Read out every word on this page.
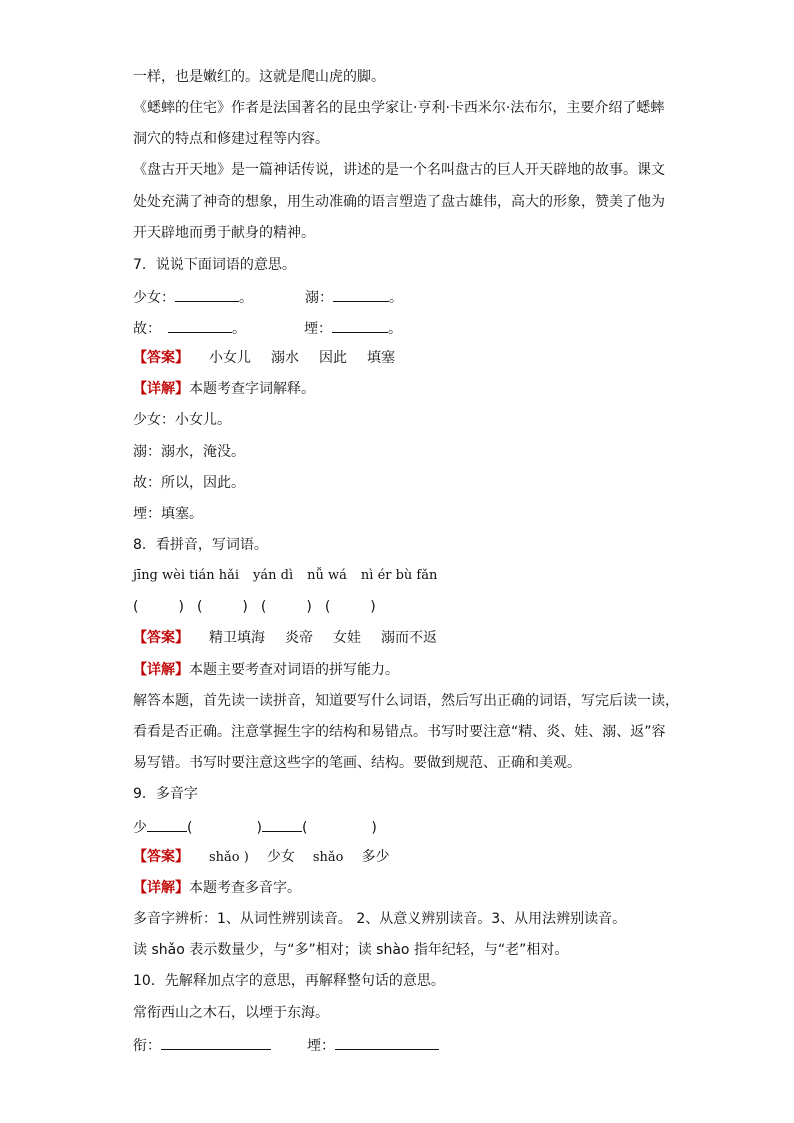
一样，也是嫩红的。这就是爬山虎的脚。
《蟋蟀的住宅》作者是法国著名的昆虫学家让·亨利·卡西米尔·法布尔，主要介绍了蟋蟀
洞穴的特点和修建过程等内容。
《盘古开天地》是一篇神话传说，讲述的是一个名叫盘古的巨人开天辟地的故事。课文
处处充满了神奇的想象，用生动准确的语言塑造了盘古雄伟，高大的形象，赞美了他为
开天辟地而勇于献身的精神。
7．说说下面词语的意思。
少女：	。	溺：	。
故：	。	堙：	。
【答案】 小女儿 溺水 因此 填塞
【详解】本题考查字词解释。
少女：小女儿。
溺：溺水，淹没。
故：所以，因此。
堙：填塞。
8．看拼音，写词语。
jīng wèi tián hǎi yán dì nǚ wá nì ér bù fǎn
(	) (	) (	) (	)
【答案】 精卫填海 炎帝 女娃 溺而不返
【详解】本题主要考查对词语的拼写能力。
解答本题，首先读一读拼音，知道要写什么词语，然后写出正确的词语，写完后读一读，
看看是否正确。注意掌握生字的结构和易错点。书写时要注意“精、炎、娃、溺、返”容
易写错。书写时要注意这些字的笔画、结构。要做到规范、正确和美观。
9．多音字
少	(	)	(	)
【答案】 shǎo ) 少女 shǎo 多少
【详解】本题考查多音字。
多音字辨析：1、从词性辨别读音。 2、从意义辨别读音。3、从用法辨别读音。
读 shǎo 表示数量少，与“多”相对；读 shào 指年纪轻，与“老”相对。
10．先解释加点字的意思，再解释整句话的意思。
常衔西山之木石，以堙于东海。
衔：	堙：
